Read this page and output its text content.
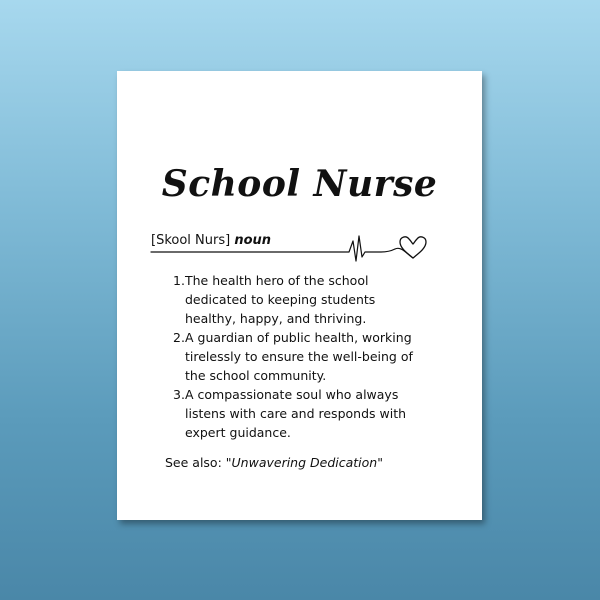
School Nurse
[Skool Nurs] noun
1. The health hero of the school dedicated to keeping students healthy, happy, and thriving.
2. A guardian of public health, working tirelessly to ensure the well-being of the school community.
3. A compassionate soul who always listens with care and responds with expert guidance.

See also: "Unwavering Dedication"
